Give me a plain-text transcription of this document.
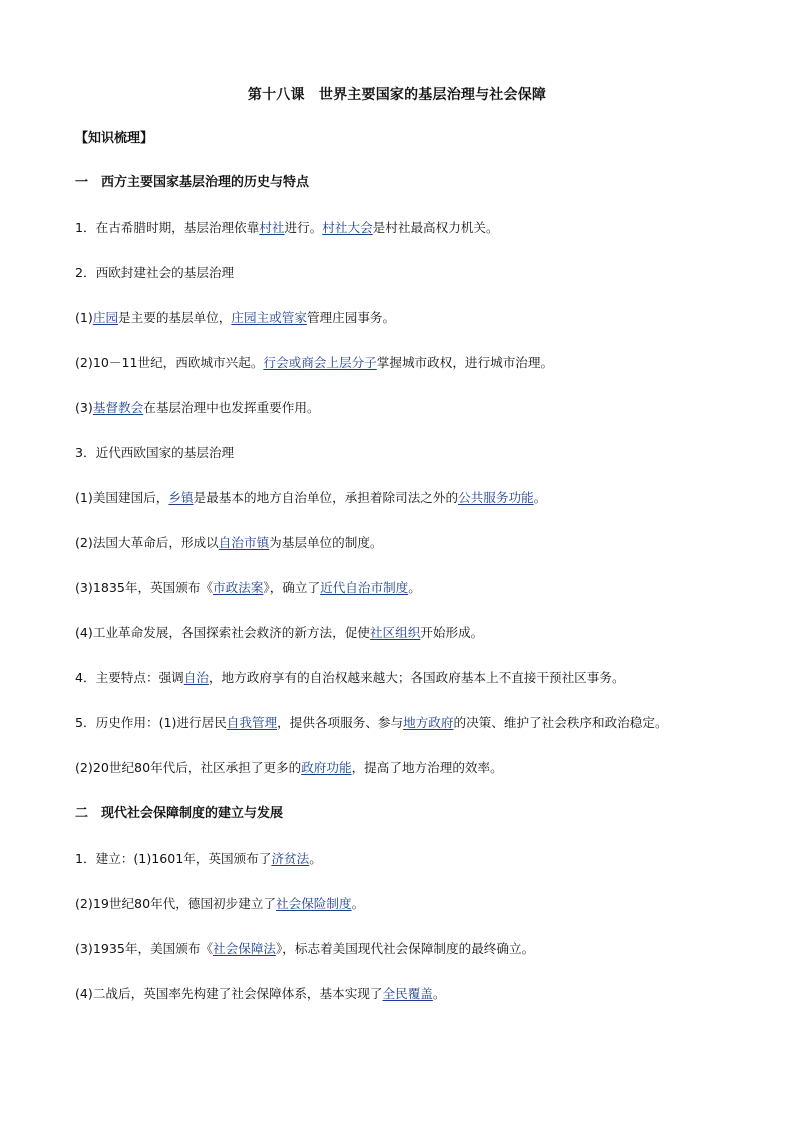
第十八课　世界主要国家的基层治理与社会保障
【知识梳理】
一　西方主要国家基层治理的历史与特点
1．在古希腊时期，基层治理依靠村社进行。村社大会是村社最高权力机关。
2．西欧封建社会的基层治理
(1)庄园是主要的基层单位，庄园主或管家管理庄园事务。
(2)10－11世纪，西欧城市兴起。行会或商会上层分子掌握城市政权，进行城市治理。
(3)基督教会在基层治理中也发挥重要作用。
3．近代西欧国家的基层治理
(1)美国建国后，乡镇是最基本的地方自治单位，承担着除司法之外的公共服务功能。
(2)法国大革命后，形成以自治市镇为基层单位的制度。
(3)1835年，英国颁布《市政法案》，确立了近代自治市制度。
(4)工业革命发展，各国探索社会救济的新方法，促使社区组织开始形成。
4．主要特点：强调自治，地方政府享有的自治权越来越大；各国政府基本上不直接干预社区事务。
5．历史作用：(1)进行居民自我管理，提供各项服务、参与地方政府的决策、维护了社会秩序和政治稳定。
(2)20世纪80年代后，社区承担了更多的政府功能，提高了地方治理的效率。
二　现代社会保障制度的建立与发展
1．建立：(1)1601年，英国颁布了济贫法。
(2)19世纪80年代，德国初步建立了社会保险制度。
(3)1935年，美国颁布《社会保障法》，标志着美国现代社会保障制度的最终确立。
(4)二战后，英国率先构建了社会保障体系，基本实现了全民覆盖。
